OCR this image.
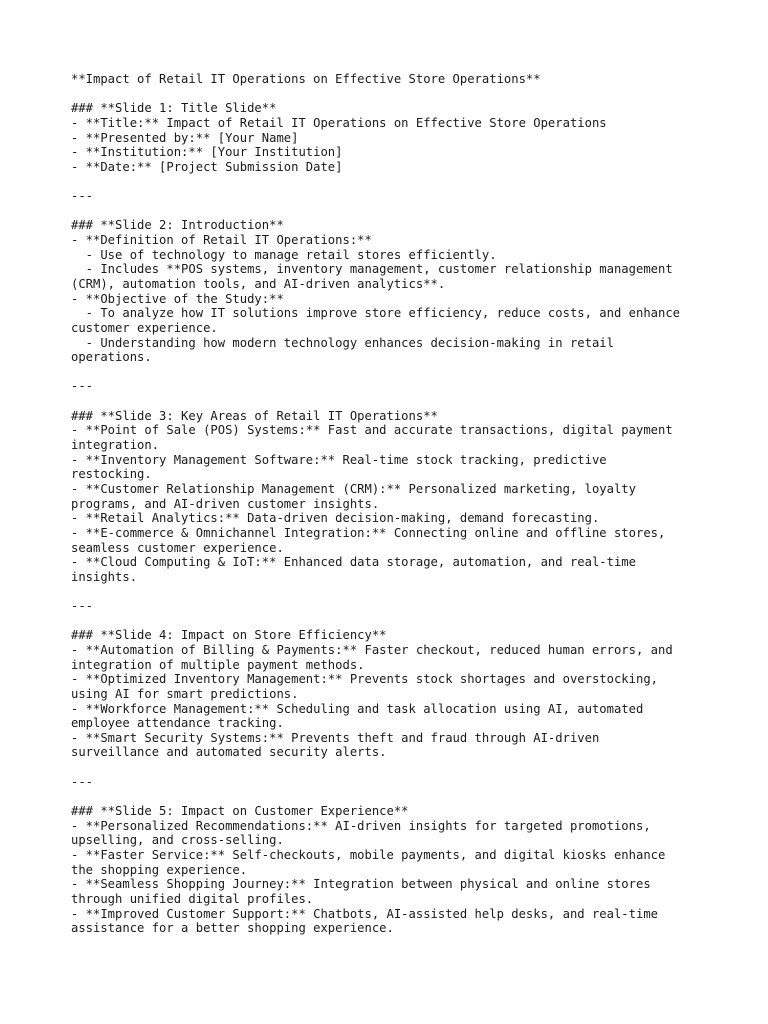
**Impact of Retail IT Operations on Effective Store Operations**
### **Slide 1: Title Slide**
- **Title:** Impact of Retail IT Operations on Effective Store Operations
- **Presented by:** [Your Name]
- **Institution:** [Your Institution]
- **Date:** [Project Submission Date]
---
### **Slide 2: Introduction**
- **Definition of Retail IT Operations:**
- Use of technology to manage retail stores efficiently.
- Includes **POS systems, inventory management, customer relationship management
(CRM), automation tools, and AI-driven analytics**.
- **Objective of the Study:**
- To analyze how IT solutions improve store efficiency, reduce costs, and enhance
customer experience.
- Understanding how modern technology enhances decision-making in retail
operations.
---
### **Slide 3: Key Areas of Retail IT Operations**
- **Point of Sale (POS) Systems:** Fast and accurate transactions, digital payment
integration.
- **Inventory Management Software:** Real-time stock tracking, predictive
restocking.
- **Customer Relationship Management (CRM):** Personalized marketing, loyalty
programs, and AI-driven customer insights.
- **Retail Analytics:** Data-driven decision-making, demand forecasting.
- **E-commerce & Omnichannel Integration:** Connecting online and offline stores,
seamless customer experience.
- **Cloud Computing & IoT:** Enhanced data storage, automation, and real-time
insights.
---
### **Slide 4: Impact on Store Efficiency**
- **Automation of Billing & Payments:** Faster checkout, reduced human errors, and
integration of multiple payment methods.
- **Optimized Inventory Management:** Prevents stock shortages and overstocking,
using AI for smart predictions.
- **Workforce Management:** Scheduling and task allocation using AI, automated
employee attendance tracking.
- **Smart Security Systems:** Prevents theft and fraud through AI-driven
surveillance and automated security alerts.
---
### **Slide 5: Impact on Customer Experience**
- **Personalized Recommendations:** AI-driven insights for targeted promotions,
upselling, and cross-selling.
- **Faster Service:** Self-checkouts, mobile payments, and digital kiosks enhance
the shopping experience.
- **Seamless Shopping Journey:** Integration between physical and online stores
through unified digital profiles.
- **Improved Customer Support:** Chatbots, AI-assisted help desks, and real-time
assistance for a better shopping experience.
